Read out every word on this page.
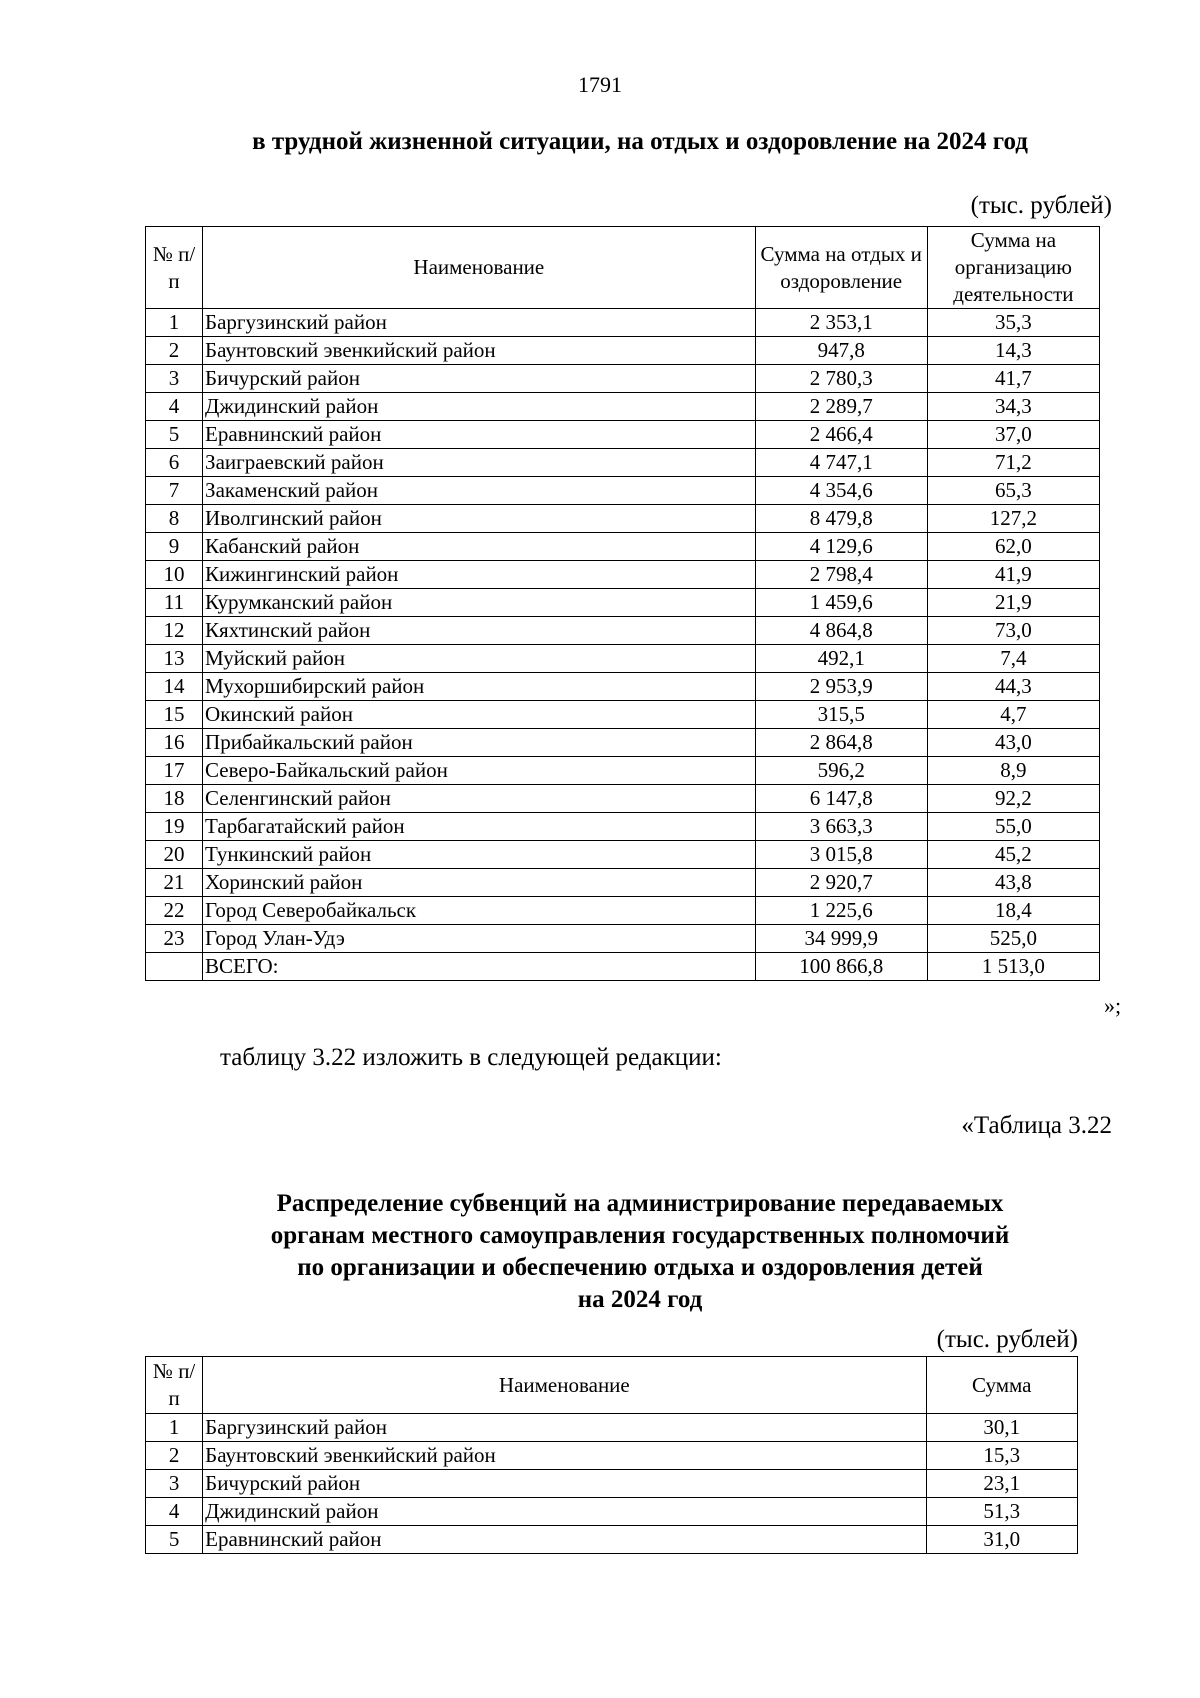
1791
в трудной жизненной ситуации, на отдых и оздоровление на 2024 год
(тыс. рублей)
№ п/п	Наименование	Сумма на отдых и оздоровление	Сумма на организацию деятельности
1	Баргузинский район	2 353,1	35,3
2	Баунтовский эвенкийский район	947,8	14,3
3	Бичурский район	2 780,3	41,7
4	Джидинский район	2 289,7	34,3
5	Еравнинский район	2 466,4	37,0
6	Заиграевский район	4 747,1	71,2
7	Закаменский район	4 354,6	65,3
8	Иволгинский район	8 479,8	127,2
9	Кабанский район	4 129,6	62,0
10	Кижингинский район	2 798,4	41,9
11	Курумканский район	1 459,6	21,9
12	Кяхтинский район	4 864,8	73,0
13	Муйский район	492,1	7,4
14	Мухоршибирский район	2 953,9	44,3
15	Окинский район	315,5	4,7
16	Прибайкальский район	2 864,8	43,0
17	Северо-Байкальский район	596,2	8,9
18	Селенгинский район	6 147,8	92,2
19	Тарбагатайский район	3 663,3	55,0
20	Тункинский район	3 015,8	45,2
21	Хоринский район	2 920,7	43,8
22	Город Северобайкальск	1 225,6	18,4
23	Город Улан-Удэ	34 999,9	525,0
	ВСЕГО:	100 866,8	1 513,0
»;
таблицу 3.22 изложить в следующей редакции:
«Таблица 3.22
Распределение субвенций на администрирование передаваемых
органам местного самоуправления государственных полномочий
по организации и обеспечению отдыха и оздоровления детей
на 2024 год
(тыс. рублей)
№ п/п	Наименование	Сумма
1	Баргузинский район	30,1
2	Баунтовский эвенкийский район	15,3
3	Бичурский район	23,1
4	Джидинский район	51,3
5	Еравнинский район	31,0
